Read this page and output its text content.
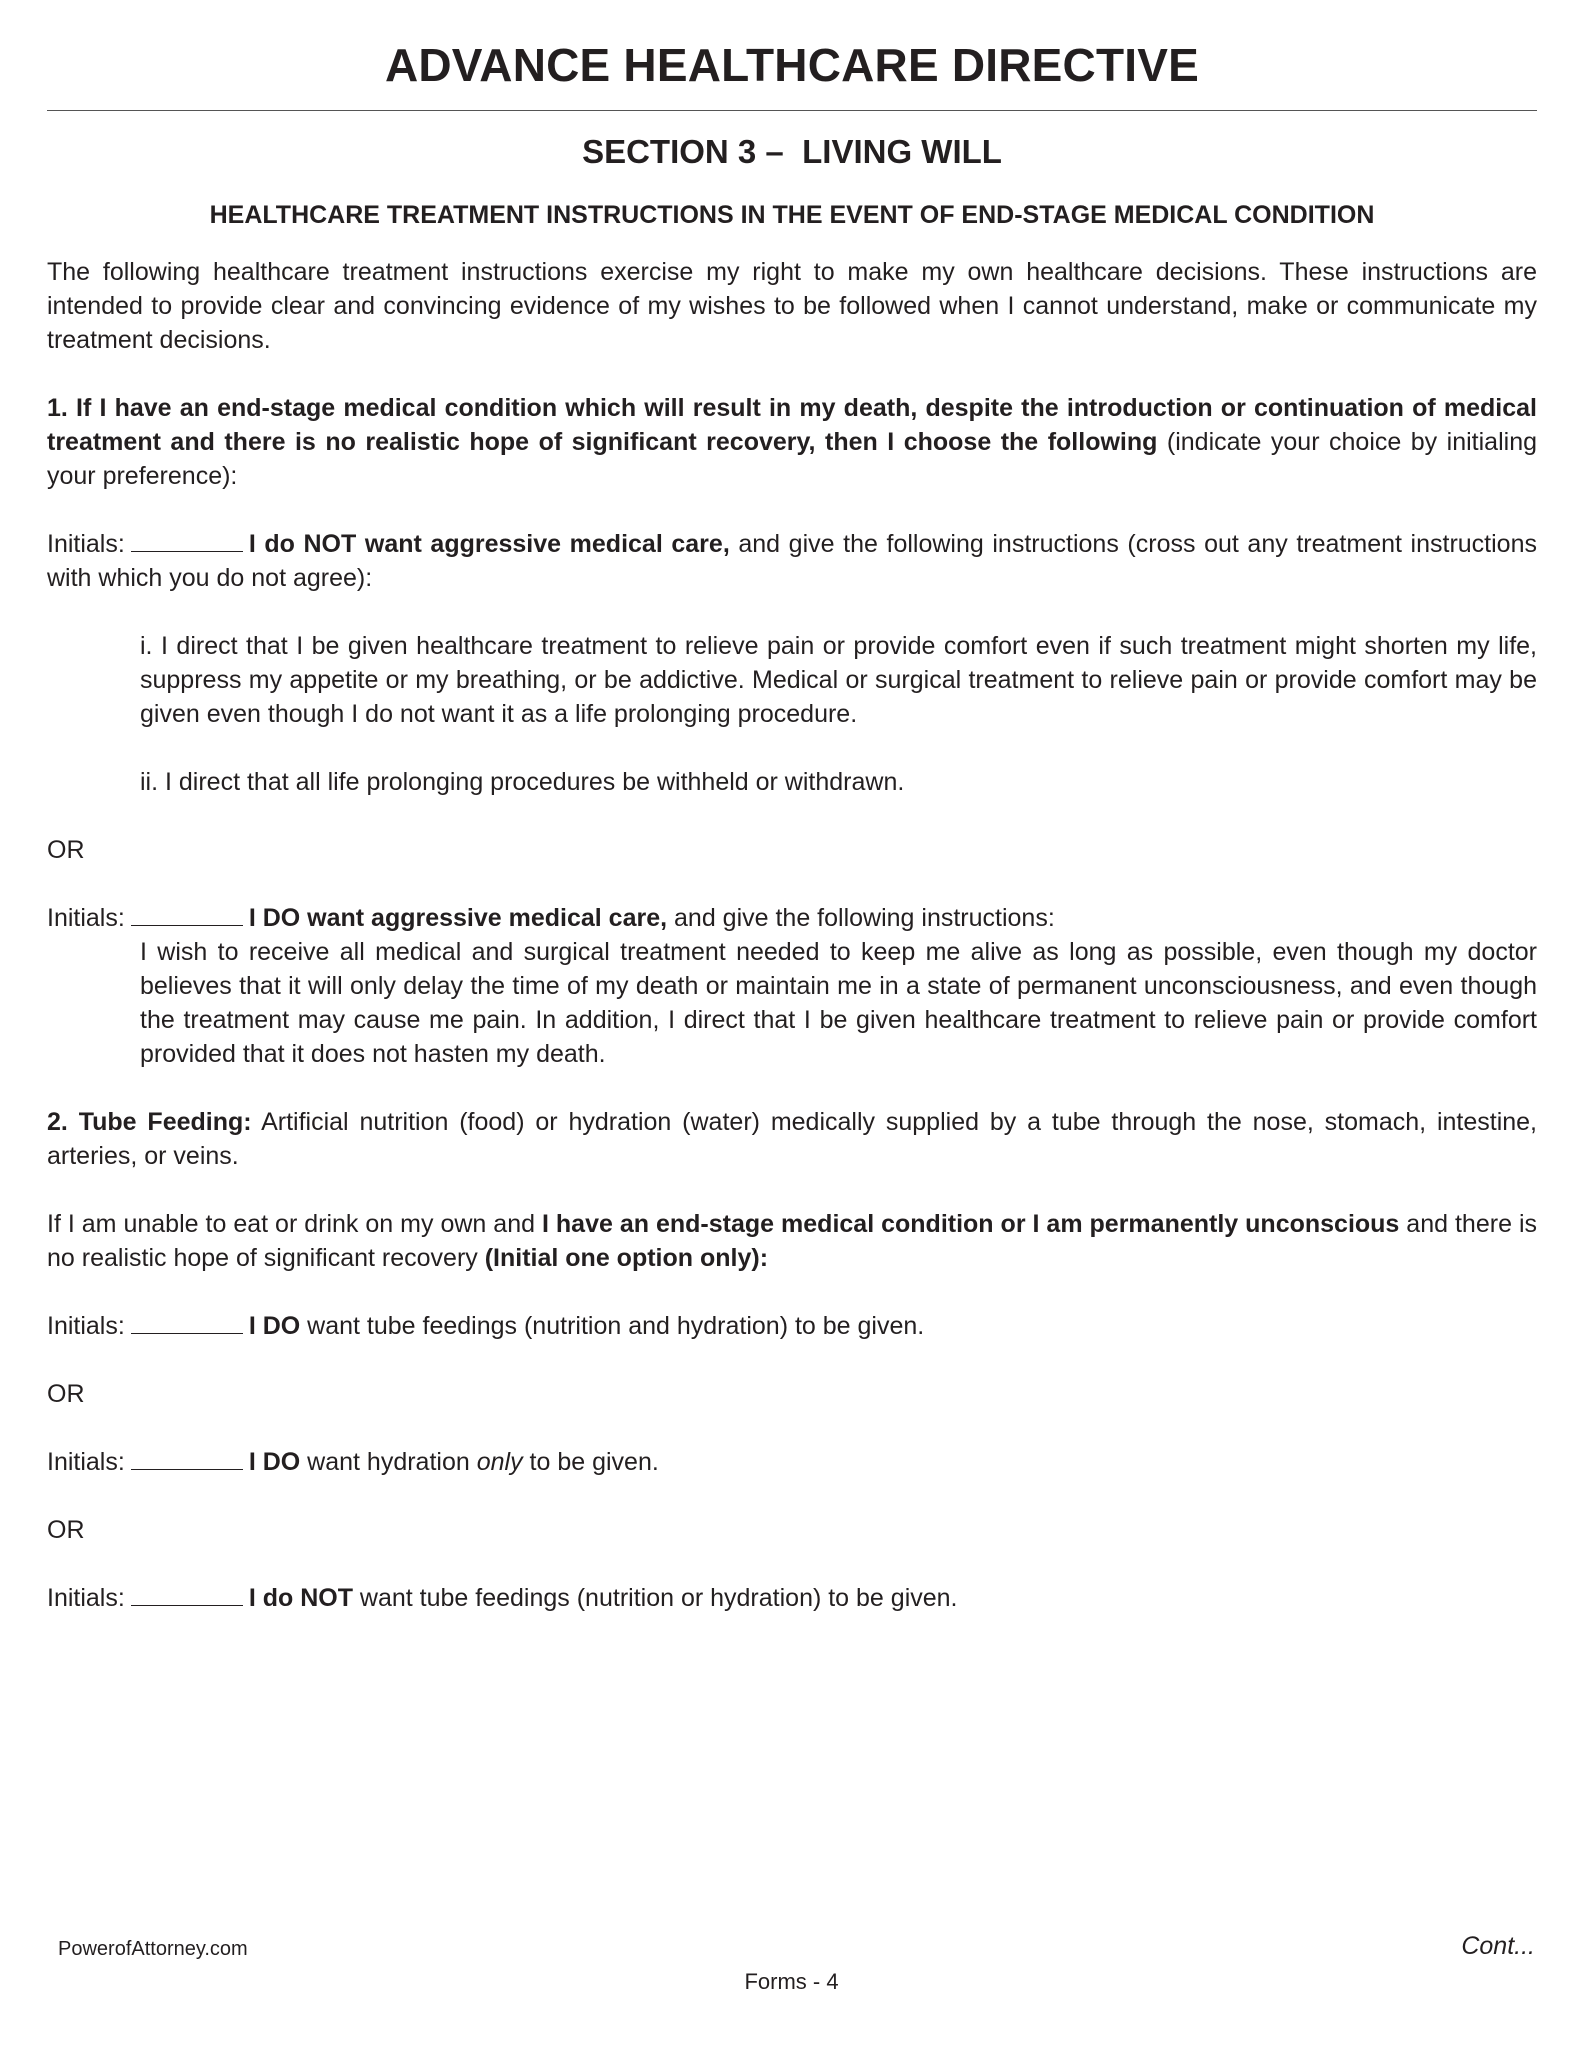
ADVANCE HEALTHCARE DIRECTIVE
SECTION 3 –  LIVING WILL
HEALTHCARE TREATMENT INSTRUCTIONS IN THE EVENT OF END-STAGE MEDICAL CONDITION

The following healthcare treatment instructions exercise my right to make my own healthcare decisions. These instructions are intended to provide clear and convincing evidence of my wishes to be followed when I cannot understand, make or communicate my treatment decisions.

1. If I have an end-stage medical condition which will result in my death, despite the introduction or continuation of medical treatment and there is no realistic hope of significant recovery, then I choose the following (indicate your choice by initialing your preference):

Initials:	I do NOT want aggressive medical care, and give the following instructions (cross out any treatment instructions with which you do not agree):

i. I direct that I be given healthcare treatment to relieve pain or provide comfort even if such treatment might shorten my life, suppress my appetite or my breathing, or be addictive. Medical or surgical treatment to relieve pain or provide comfort may be given even though I do not want it as a life prolonging procedure.

ii. I direct that all life prolonging procedures be withheld or withdrawn.

OR

Initials:	I DO want aggressive medical care, and give the following instructions:

I wish to receive all medical and surgical treatment needed to keep me alive as long as possible, even though my doctor believes that it will only delay the time of my death or maintain me in a state of permanent unconsciousness, and even though the treatment may cause me pain. In addition, I direct that I be given healthcare treatment to relieve pain or provide comfort provided that it does not hasten my death.

2. Tube Feeding: Artificial nutrition (food) or hydration (water) medically supplied by a tube through the nose, stomach, intestine, arteries, or veins.

If I am unable to eat or drink on my own and I have an end-stage medical condition or I am permanently unconscious and there is no realistic hope of significant recovery (Initial one option only):

Initials:	I DO want tube feedings (nutrition and hydration) to be given.

OR

Initials:	I DO want hydration only to be given.

OR

Initials:	I do NOT want tube feedings (nutrition or hydration) to be given.

PowerofAttorney.com	Cont...
Forms - 4
